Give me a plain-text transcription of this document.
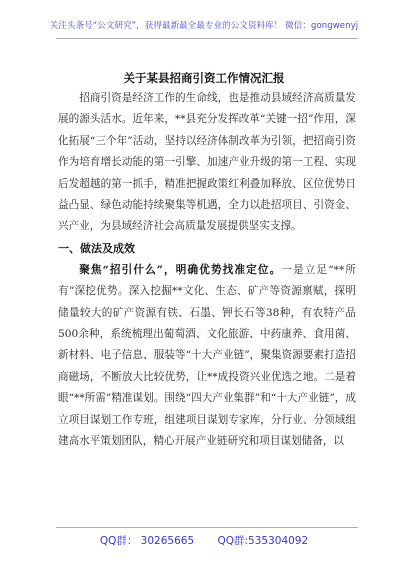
关注头条号“公文研究”，获得最新最全最专业的公文资料库！ 微信：gongwenyj
关于某县招商引资工作情况汇报

招商引资是经济工作的生命线，也是推动县域经济高质量发展的源头活水。近年来，**县充分发挥改革“关键一招”作用，深化拓展“三个年”活动，坚持以经济体制改革为引领，把招商引资作为培育增长动能的第一引擎、加速产业升级的第一工程、实现后发超越的第一抓手，精准把握政策红利叠加释放、区位优势日益凸显、绿色动能持续聚集等机遇，全力以赴招项目、引资金、兴产业，为县域经济社会高质量发展提供坚实支撑。

一、做法及成效

聚焦“招引什么”，明确优势找准定位。一是立足“**所有”深挖优势。深入挖掘**文化、生态、矿产等资源禀赋，探明储量较大的矿产资源有铁、石墨、钾长石等38种，有农特产品500余种，系统梳理出葡萄酒、文化旅游、中药康养、食用菌、新材料、电子信息、服装等“十大产业链”，聚集资源要素打造招商磁场，不断放大比较优势，让**成投资兴业优选之地。二是着眼“**所需”精准谋划。围绕“四大产业集群”和“十大产业链”，成立项目谋划工作专班，组建项目谋划专家库，分行业、分领域组建高水平策划团队，精心开展产业链研究和项目谋划储备，以

QQ群： 30265665 QQ群:535304092
